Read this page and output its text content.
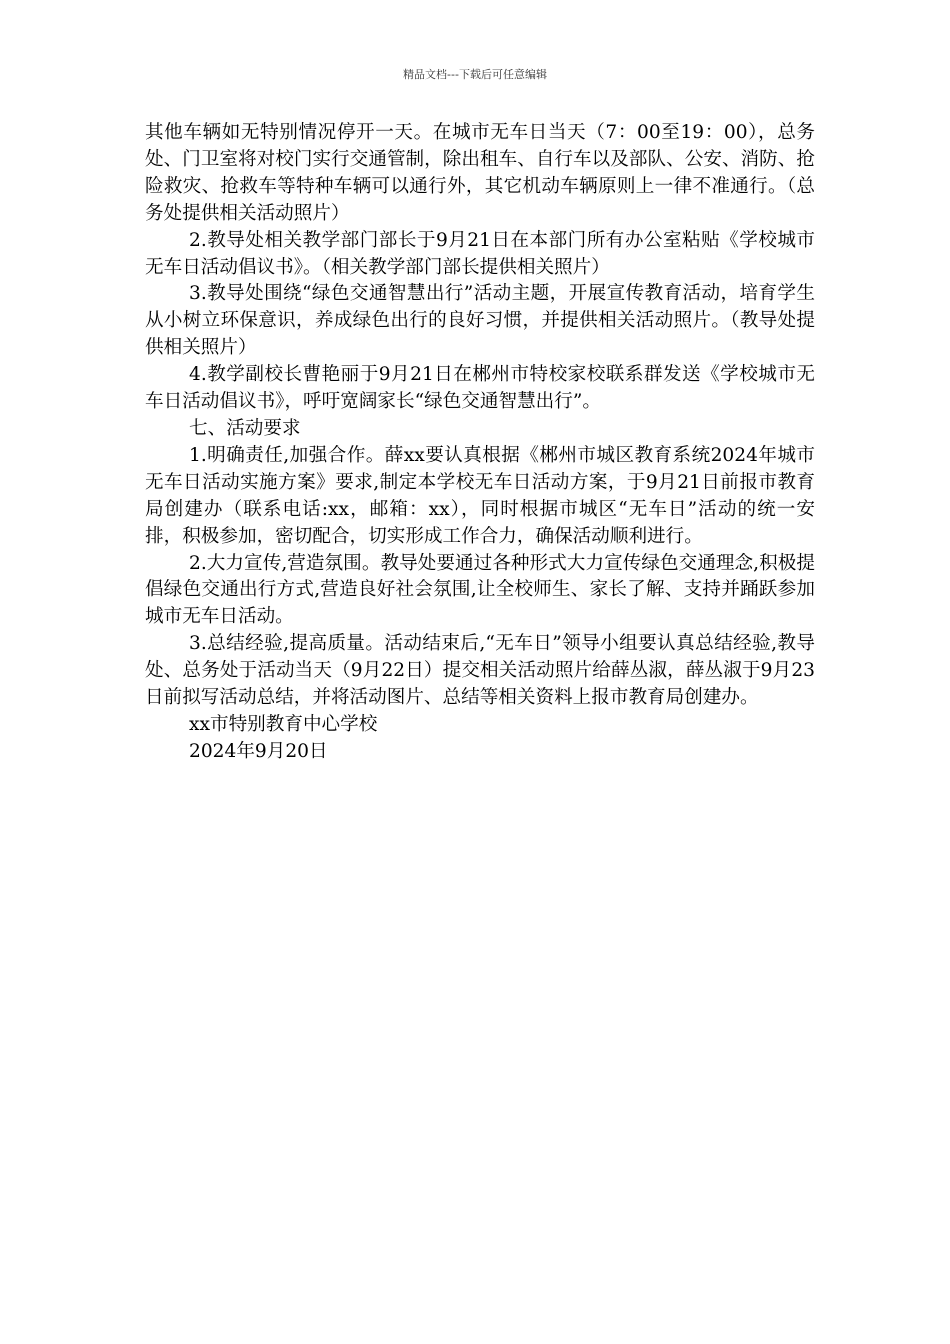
精品文档---下载后可任意编辑

其他车辆如无特别情况停开一天。在城市无车日当天（7：00至19：00），总务处、门卫室将对校门实行交通管制，除出租车、自行车以及部队、公安、消防、抢险救灾、抢救车等特种车辆可以通行外，其它机动车辆原则上一律不准通行。（总务处提供相关活动照片）

2.教导处相关教学部门部长于9月21日在本部门所有办公室粘贴《学校城市无车日活动倡议书》。（相关教学部门部长提供相关照片）

3.教导处围绕“绿色交通智慧出行”活动主题，开展宣传教育活动，培育学生从小树立环保意识，养成绿色出行的良好习惯，并提供相关活动照片。（教导处提供相关照片）

4.教学副校长曹艳丽于9月21日在郴州市特校家校联系群发送《学校城市无车日活动倡议书》，呼吁宽阔家长“绿色交通智慧出行”。

七、活动要求

1.明确责任,加强合作。薛xx要认真根据《郴州市城区教育系统2024年城市无车日活动实施方案》要求,制定本学校无车日活动方案，于9月21日前报市教育局创建办（联系电话:xx，邮箱：xx），同时根据市城区“无车日”活动的统一安排，积极参加，密切配合，切实形成工作合力，确保活动顺利进行。

2.大力宣传,营造氛围。教导处要通过各种形式大力宣传绿色交通理念,积极提倡绿色交通出行方式,营造良好社会氛围,让全校师生、家长了解、支持并踊跃参加城市无车日活动。

3.总结经验,提高质量。活动结束后,“无车日”领导小组要认真总结经验,教导处、总务处于活动当天（9月22日）提交相关活动照片给薛丛淑，薛丛淑于9月23日前拟写活动总结，并将活动图片、总结等相关资料上报市教育局创建办。

xx市特别教育中心学校

2024年9月20日
